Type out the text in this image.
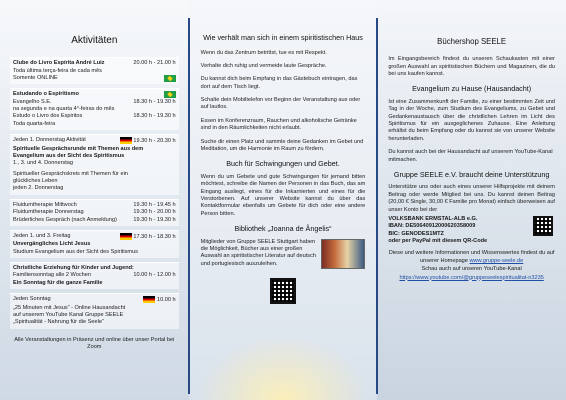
Aktivitäten
Clube do Livro Espírita André Luiz	20.00 h - 21.00 h
Toda última terça-feira de cada mês
Somente ONLINE
Estudando o Espiritismo
Evangelho S.E.	18.30 h - 19.30 h
na segunda e na quarta 4°-feiras do mês
Estudo o Livro dos Espiritos	18.30 h - 19.30 h
Toda quarta-feira
Jeden 1. Donnerstag Aktivität	19.30 h - 20.30 h
Spirituelle Gesprächsrunde mit Themen aus dem
Evangelium aus der Sicht des Spiritismus
1., 3. und 4. Donnerstag
Spiritueller Gesprächskreis mit Themen für ein
glückliches Leben
jeden 2. Donnerstag
Fluidumtherapie Mittwoch	19.30 h - 19.45 h
Fluidumtherapie Donnerstag	19.30 h - 20.00 h
Brüderliches Gespräch (nach Anmeldung)	19.30 h - 19.30 h
Jeden 1. und 3. Freitag	17.30 h - 18.30 h
Unvergängliches Licht Jesus
Studium Evangelium aus der Sicht des Spiritismus
Christliche Erziehung für Kinder und Jugend:
Familiensonntag alle 2 Wochen	10.00 h - 12.00 h
Ein Sonntag für die ganze Familie
Jeden Sonntag	10.00 h
„25 Minuten mit Jesus“ - Online Hausandacht
auf unserem YouTube Kanal Gruppe SEELE
„Spiritualität - Nahrung für die Seele“
Alle Veranstaltungen in Präsenz und online über unser Portal bei Zoom
Wie verhält man sich in einem spiritistischen Haus

Wenn du das Zentrum betrittst, tue es mit Respekt.

Verhalte dich ruhig und vermeide laute Gespräche.

Du kannst dich beim Empfang in das Gästebuch eintragen, das dort auf dem Tisch liegt.

Schalte dein Mobiltelefon vor Beginn der Veranstaltung aus oder auf lautlos.

Essen im Konferenzraum, Rauchen und alkoholische Getränke sind in den Räumlichkeiten nicht erlaubt.

Suche dir einen Platz und sammle deine Gedanken im Gebet und Meditation, um die Harmonie im Raum zu fördern.

Buch für Schwingungen und Gebet.

Wenn du um Gebete und gute Schwingungen für jemand bitten möchtest, schreibe die Namen der Personen in das Buch, das am Eingang ausliegt, eines für die Inkarnierten und eines für die Verstorbenen. Auf unserer Website kannst du über das Kontaktformular ebenfalls um Gebete für dich oder eine andere Person bitten.

Bibliothek „Joanna de Ângelis“

Mitglieder von Gruppe SEELE Stuttgart haben die Möglichkeit, Bücher aus einer großen Auswahl an spiritistischer Literatur auf deutsch und portugiesisch auszuleihen.

Büchershop SEELE

Im Eingangsbereich findest du unseren Schaukasten mit einer großen Auswahl an spiritistischen Büchern und Magazinen, die du bei uns kaufen kannst.

Evangelium zu Hause (Hausandacht)

Ist eine Zusammenkunft der Familie, zu einer bestimmten Zeit und Tag in der Woche, zum Studium des Evangeliums, zu Gebet und Gedankenaustausch über die christlichen Lehren im Licht des Spiritismus für ein ausgeglichenes Zuhause. Eine Anleitung erhältst du beim Empfang oder du kannst sie von unserer Website herunterladen.

Du kannst auch bei der Hausandacht auf unserem YouTube-Kanal mitmachen.

Gruppe SEELE e.V. braucht deine Unterstützung

Unterstütze uns oder auch eines unserer Hilfsprojekte mit deinem Beitrag oder werde Mitglied bei uns. Du kannst deinen Beitrag (20,00 € Single, 30,00 € Familie pro Monat) einfach überweisen auf unser Konto bei der

VOLKSBANK ERMSTAL-ALB e.G.
IBAN: DE50640912000620358009
BIC: GENODES1MTZ
oder per PayPal mit diesem QR-Code

Diese und weitere Informationen und Wissenswertes findest du auf unserer Homepage www.gruppe-seele.de

Schau auch auf unseren YouTube-Kanal

https://www.youtube.com/@gruppeseelespiritualitat-n3235
